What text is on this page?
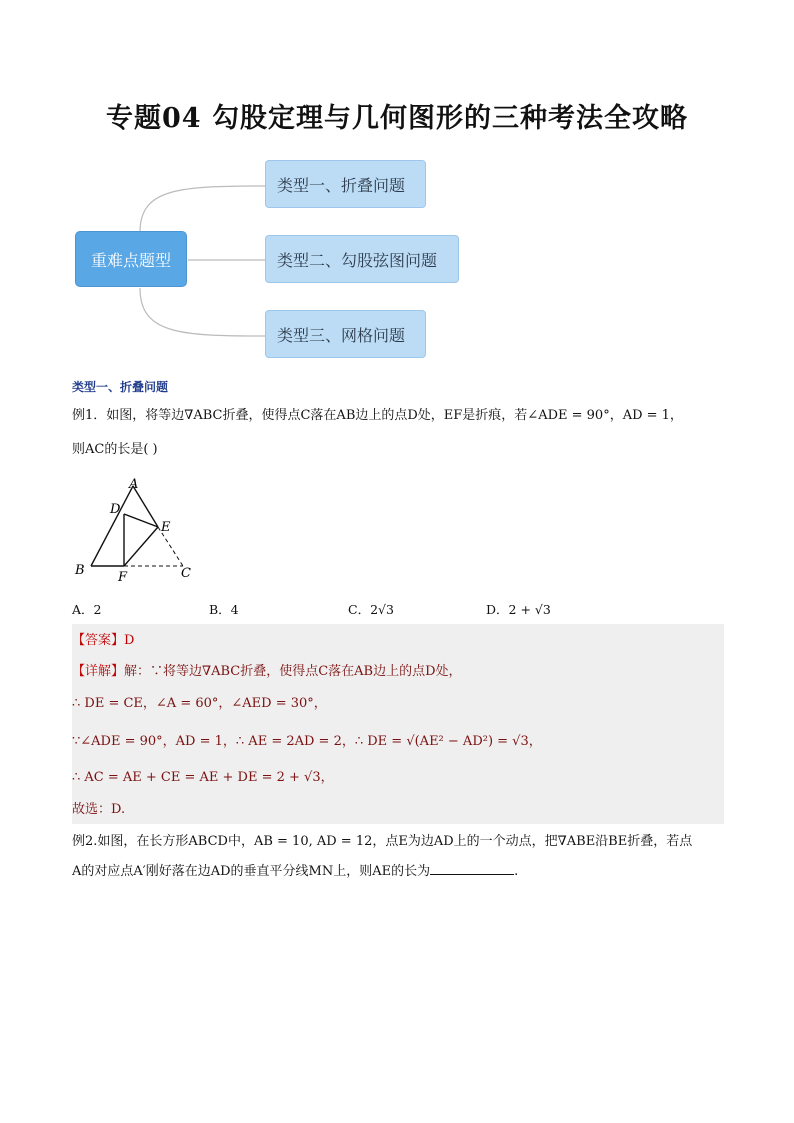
专题04 勾股定理与几何图形的三种考法全攻略
重难点题型
类型一、折叠问题
类型二、勾股弦图问题
类型三、网格问题
类型一、折叠问题
例1．如图，将等边∇ABC折叠，使得点C落在AB边上的点D处，EF是折痕，若∠ADE = 90°，AD = 1，
则AC的长是( )
A
D
E
B	F	C
A．2	B．4	C．2√3	D．2 + √3
【答案】D
【详解】解：∵将等边∇ABC折叠，使得点C落在AB边上的点D处，
∴ DE = CE，∠A = 60°，∠AED = 30°，
∵∠ADE = 90°，AD = 1，∴ AE = 2AD = 2，∴ DE = √(AE² − AD²) = √3，
∴ AC = AE + CE = AE + DE = 2 + √3，
故选：D.
例2.如图，在长方形ABCD中，AB = 10, AD = 12，点E为边AD上的一个动点，把∇ABE沿BE折叠，若点
A的对应点A′刚好落在边AD的垂直平分线MN上，则AE的长为	.
